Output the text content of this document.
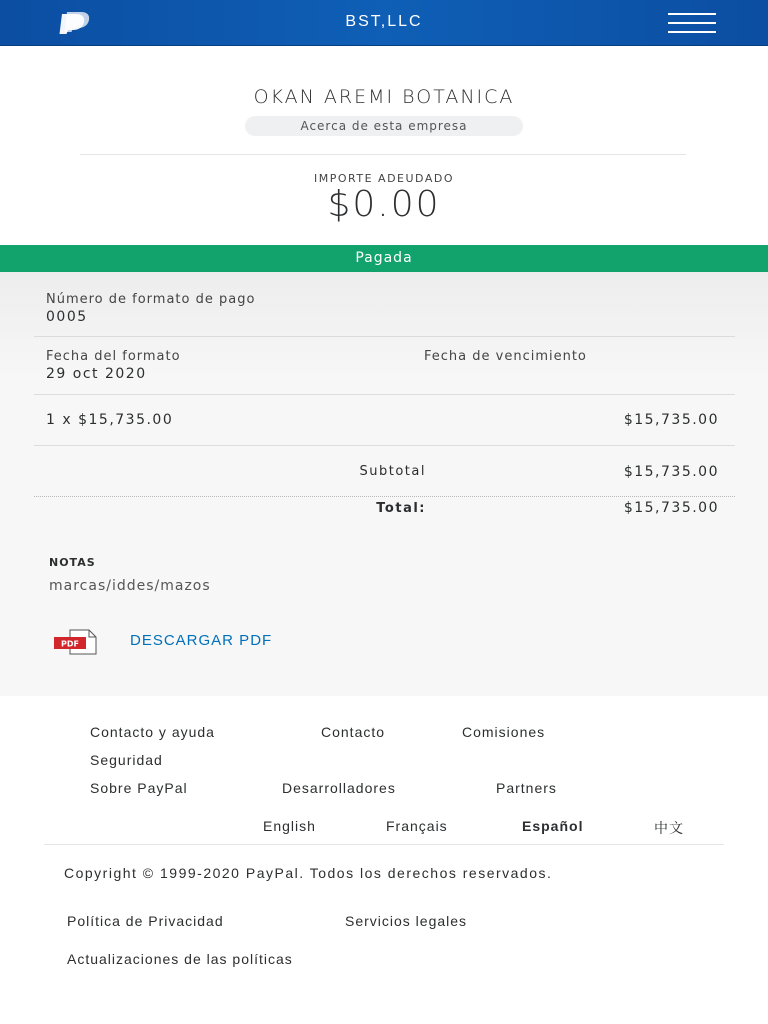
BST,LLC
OKAN AREMI BOTANICA
Acerca de esta empresa
IMPORTE ADEUDADO
$0.00
Pagada
Número de formato de pago
0005
Fecha del formato
29 oct 2020
Fecha de vencimiento
1 x $15,735.00	$15,735.00
Subtotal	$15,735.00
Total:	$15,735.00
NOTAS
marcas/iddes/mazos
PDF	DESCARGAR PDF
Contacto y ayuda	Contacto	Comisiones
Seguridad
Sobre PayPal	Desarrolladores	Partners
English	Français	Español	中文
Copyright © 1999-2020 PayPal. Todos los derechos reservados.
Política de Privacidad	Servicios legales
Actualizaciones de las políticas
